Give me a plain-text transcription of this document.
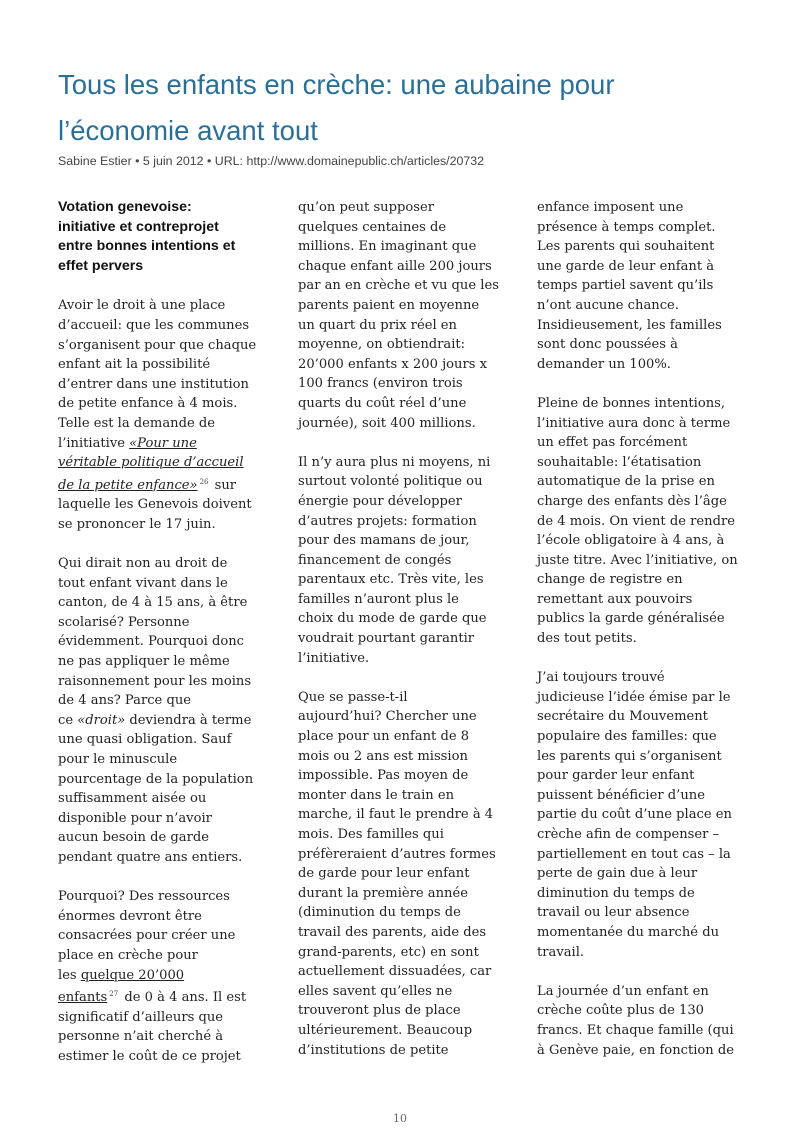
Tous les enfants en crèche: une aubaine pour
l’économie avant tout
Sabine Estier • 5 juin 2012 • URL: http://www.domainepublic.ch/articles/20732
Votation genevoise:
initiative et contreprojet
entre bonnes intentions et
effet pervers
Avoir le droit à une place
d’accueil: que les communes
s’organisent pour que chaque
enfant ait la possibilité
d’entrer dans une institution
de petite enfance à 4 mois.
Telle est la demande de
l’initiative «Pour une
véritable politique d’accueil
de la petite enfance» $^{26}$ sur
laquelle les Genevois doivent
se prononcer le 17 juin.
Qui dirait non au droit de
tout enfant vivant dans le
canton, de 4 à 15 ans, à être
scolarisé? Personne
évidemment. Pourquoi donc
ne pas appliquer le même
raisonnement pour les moins
de 4 ans? Parce que
ce «droit» deviendra à terme
une quasi obligation. Sauf
pour le minuscule
pourcentage de la population
suffisamment aisée ou
disponible pour n’avoir
aucun besoin de garde
pendant quatre ans entiers.
Pourquoi? Des ressources
énormes devront être
consacrées pour créer une
place en crèche pour
les quelque 20’000
enfants $^{27}$ de 0 à 4 ans. Il est
significatif d’ailleurs que
personne n’ait cherché à
estimer le coût de ce projet
qu’on peut supposer
quelques centaines de
millions. En imaginant que
chaque enfant aille 200 jours
par an en crèche et vu que les
parents paient en moyenne
un quart du prix réel en
moyenne, on obtiendrait:
20’000 enfants x 200 jours x
100 francs (environ trois
quarts du coût réel d’une
journée), soit 400 millions.
Il n’y aura plus ni moyens, ni
surtout volonté politique ou
énergie pour développer
d’autres projets: formation
pour des mamans de jour,
financement de congés
parentaux etc. Très vite, les
familles n’auront plus le
choix du mode de garde que
voudrait pourtant garantir
l’initiative.
Que se passe-t-il
aujourd’hui? Chercher une
place pour un enfant de 8
mois ou 2 ans est mission
impossible. Pas moyen de
monter dans le train en
marche, il faut le prendre à 4
mois. Des familles qui
préfèreraient d’autres formes
de garde pour leur enfant
durant la première année
(diminution du temps de
travail des parents, aide des
grand-parents, etc) en sont
actuellement dissuadées, car
elles savent qu’elles ne
trouveront plus de place
ultérieurement. Beaucoup
d’institutions de petite
enfance imposent une
présence à temps complet.
Les parents qui souhaitent
une garde de leur enfant à
temps partiel savent qu’ils
n’ont aucune chance.
Insidieusement, les familles
sont donc poussées à
demander un 100%.
Pleine de bonnes intentions,
l’initiative aura donc à terme
un effet pas forcément
souhaitable: l’étatisation
automatique de la prise en
charge des enfants dès l’âge
de 4 mois. On vient de rendre
l’école obligatoire à 4 ans, à
juste titre. Avec l’initiative, on
change de registre en
remettant aux pouvoirs
publics la garde généralisée
des tout petits.
J’ai toujours trouvé
judicieuse l’idée émise par le
secrétaire du Mouvement
populaire des familles: que
les parents qui s’organisent
pour garder leur enfant
puissent bénéficier d’une
partie du coût d’une place en
crèche afin de compenser –
partiellement en tout cas – la
perte de gain due à leur
diminution du temps de
travail ou leur absence
momentanée du marché du
travail.
La journée d’un enfant en
crèche coûte plus de 130
francs. Et chaque famille (qui
à Genève paie, en fonction de
10
